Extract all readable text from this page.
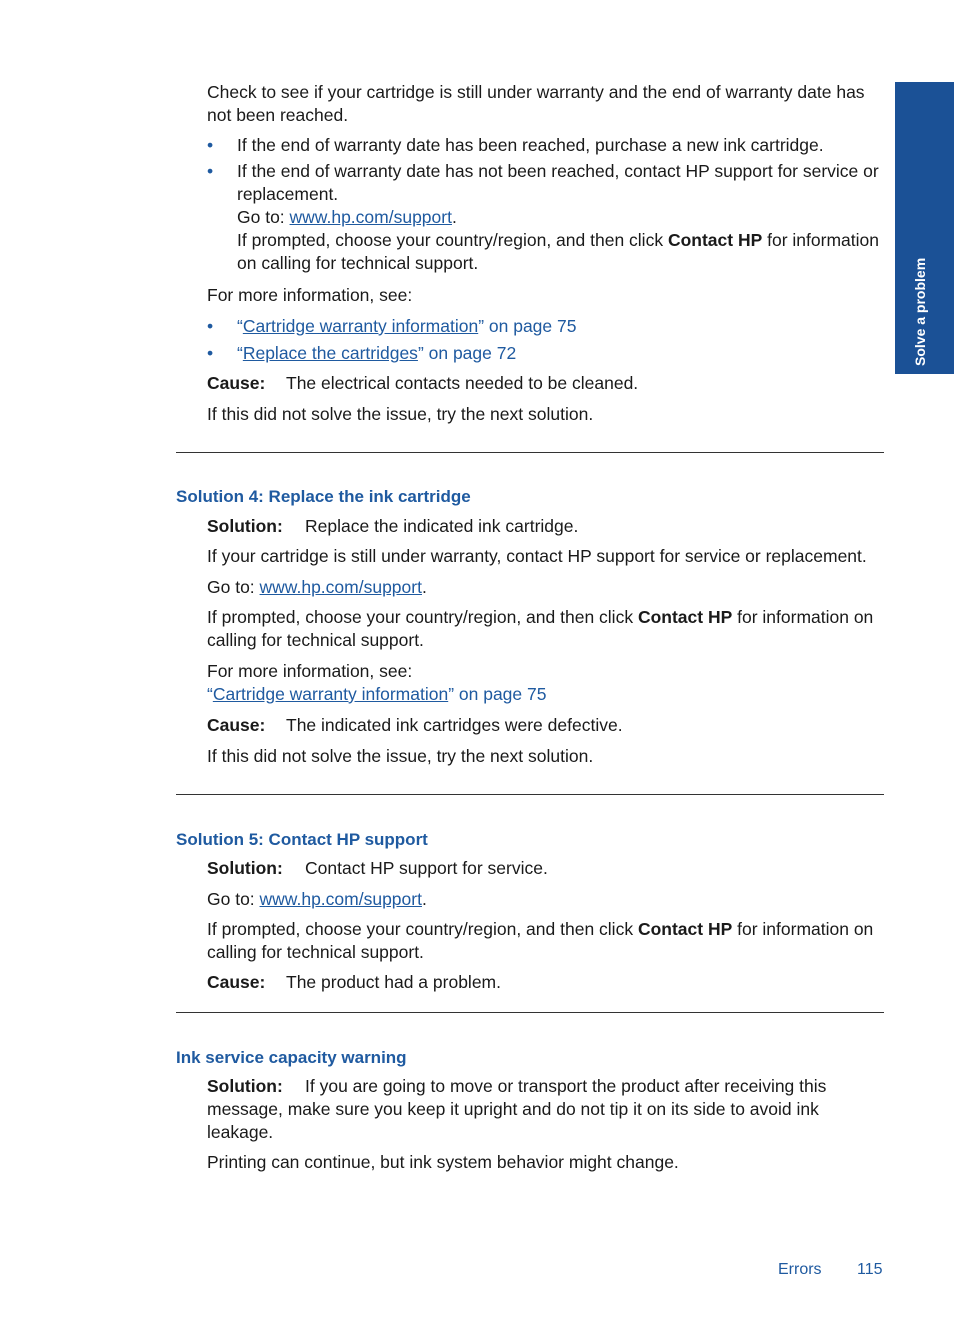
Solve a problem
Check to see if your cartridge is still under warranty and the end of warranty date has not been reached.
• If the end of warranty date has been reached, purchase a new ink cartridge.
• If the end of warranty date has not been reached, contact HP support for service or replacement.
Go to: www.hp.com/support.
If prompted, choose your country/region, and then click Contact HP for information on calling for technical support.
For more information, see:
• “Cartridge warranty information” on page 75
• “Replace the cartridges” on page 72
Cause: The electrical contacts needed to be cleaned.
If this did not solve the issue, try the next solution.
Solution 4: Replace the ink cartridge
Solution: Replace the indicated ink cartridge.
If your cartridge is still under warranty, contact HP support for service or replacement.
Go to: www.hp.com/support.
If prompted, choose your country/region, and then click Contact HP for information on calling for technical support.
For more information, see:
“Cartridge warranty information” on page 75
Cause: The indicated ink cartridges were defective.
If this did not solve the issue, try the next solution.
Solution 5: Contact HP support
Solution: Contact HP support for service.
Go to: www.hp.com/support.
If prompted, choose your country/region, and then click Contact HP for information on calling for technical support.
Cause: The product had a problem.
Ink service capacity warning
Solution: If you are going to move or transport the product after receiving this message, make sure you keep it upright and do not tip it on its side to avoid ink leakage.
Printing can continue, but ink system behavior might change.
Errors 115
